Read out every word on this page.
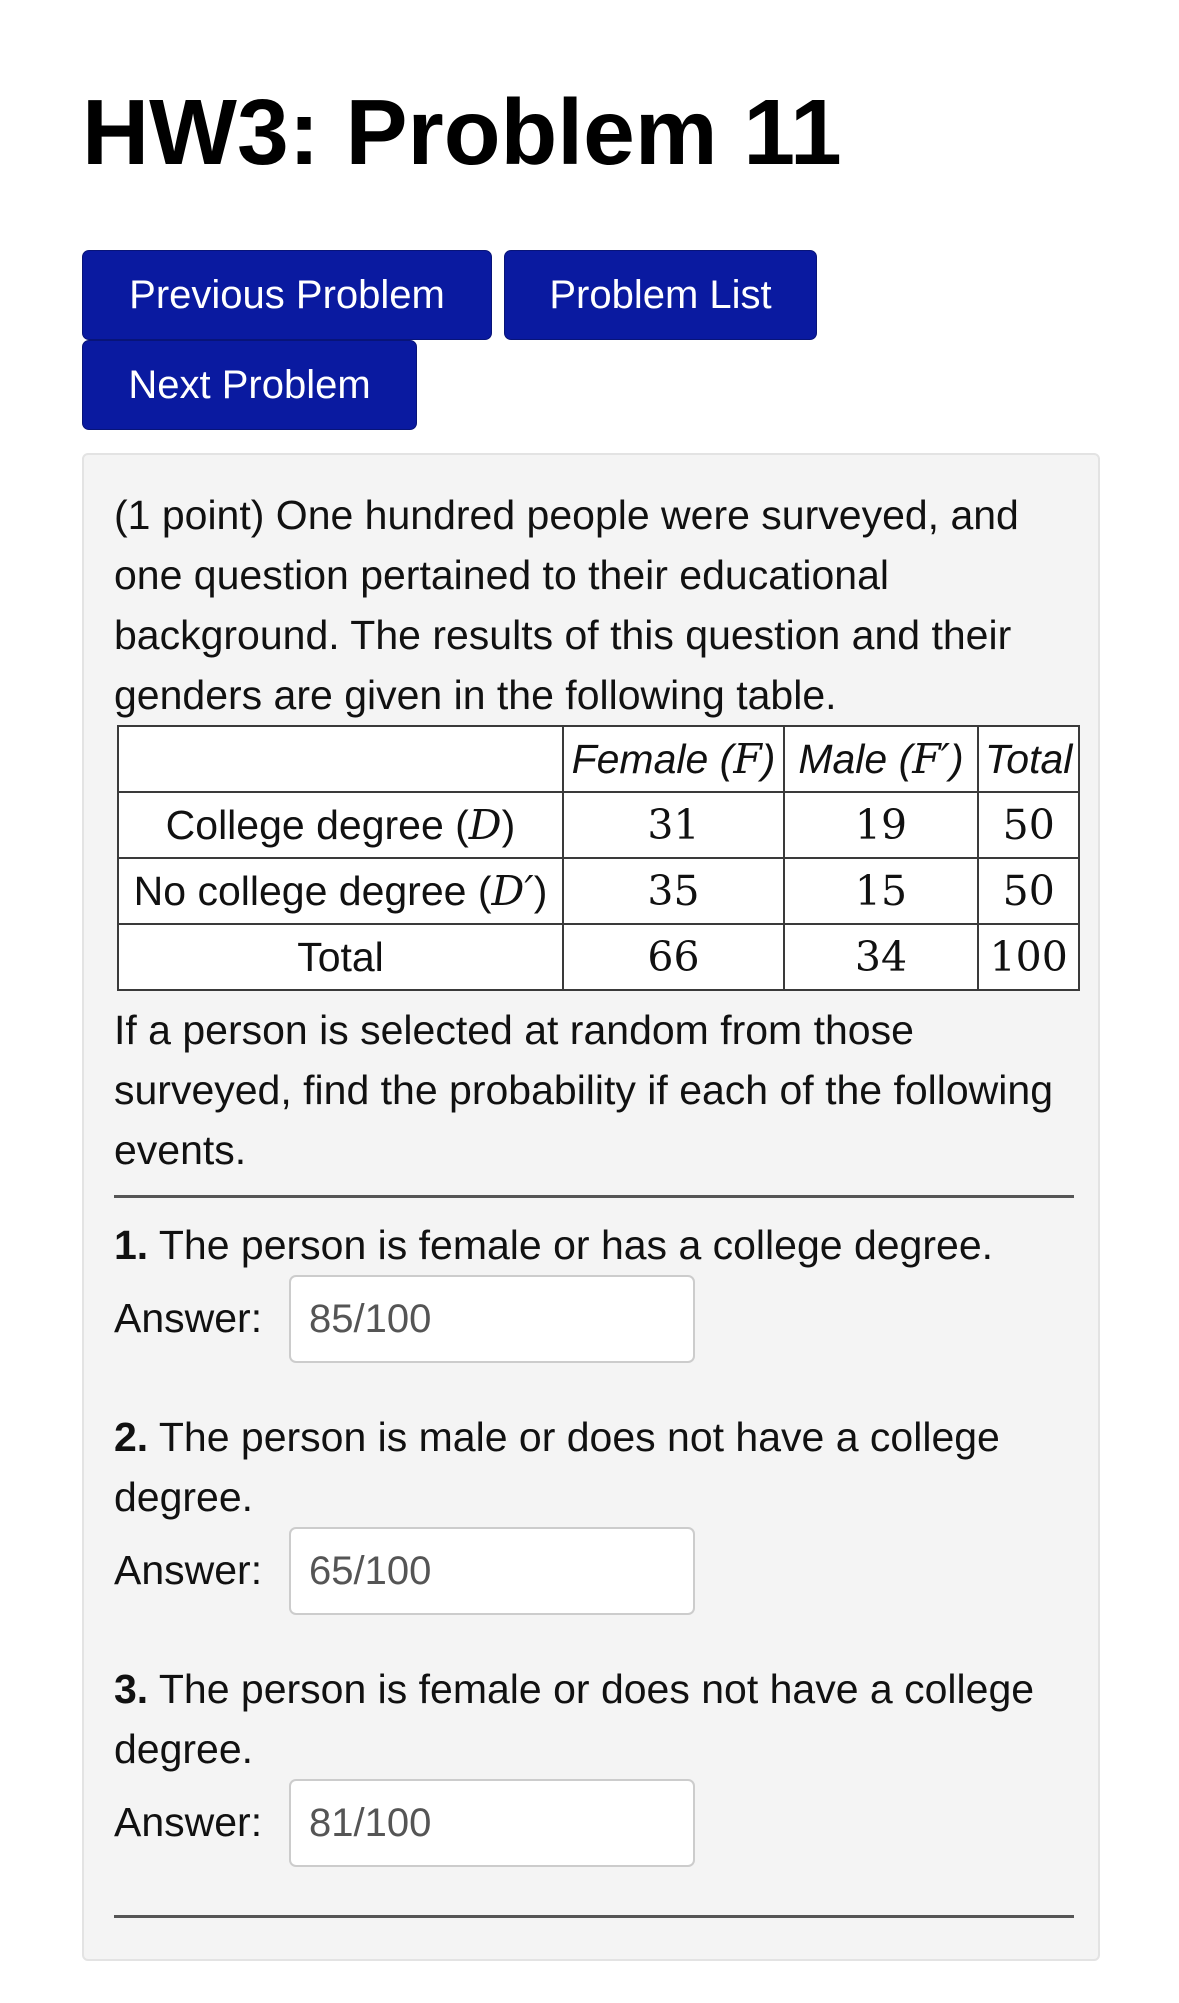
HW3: Problem 11
Previous Problem	Problem List
Next Problem

(1 point) One hundred people were surveyed, and one question pertained to their educational background. The results of this question and their genders are given in the following table.

	Female (F)	Male (F′)	Total
College degree (D)	31	19	50
No college degree (D′)	35	15	50
Total	66	34	100

If a person is selected at random from those surveyed, find the probability if each of the following events.

1. The person is female or has a college degree.

Answer:
85/100

2. The person is male or does not have a college degree.

Answer:
65/100

3. The person is female or does not have a college degree.

Answer:
81/100
